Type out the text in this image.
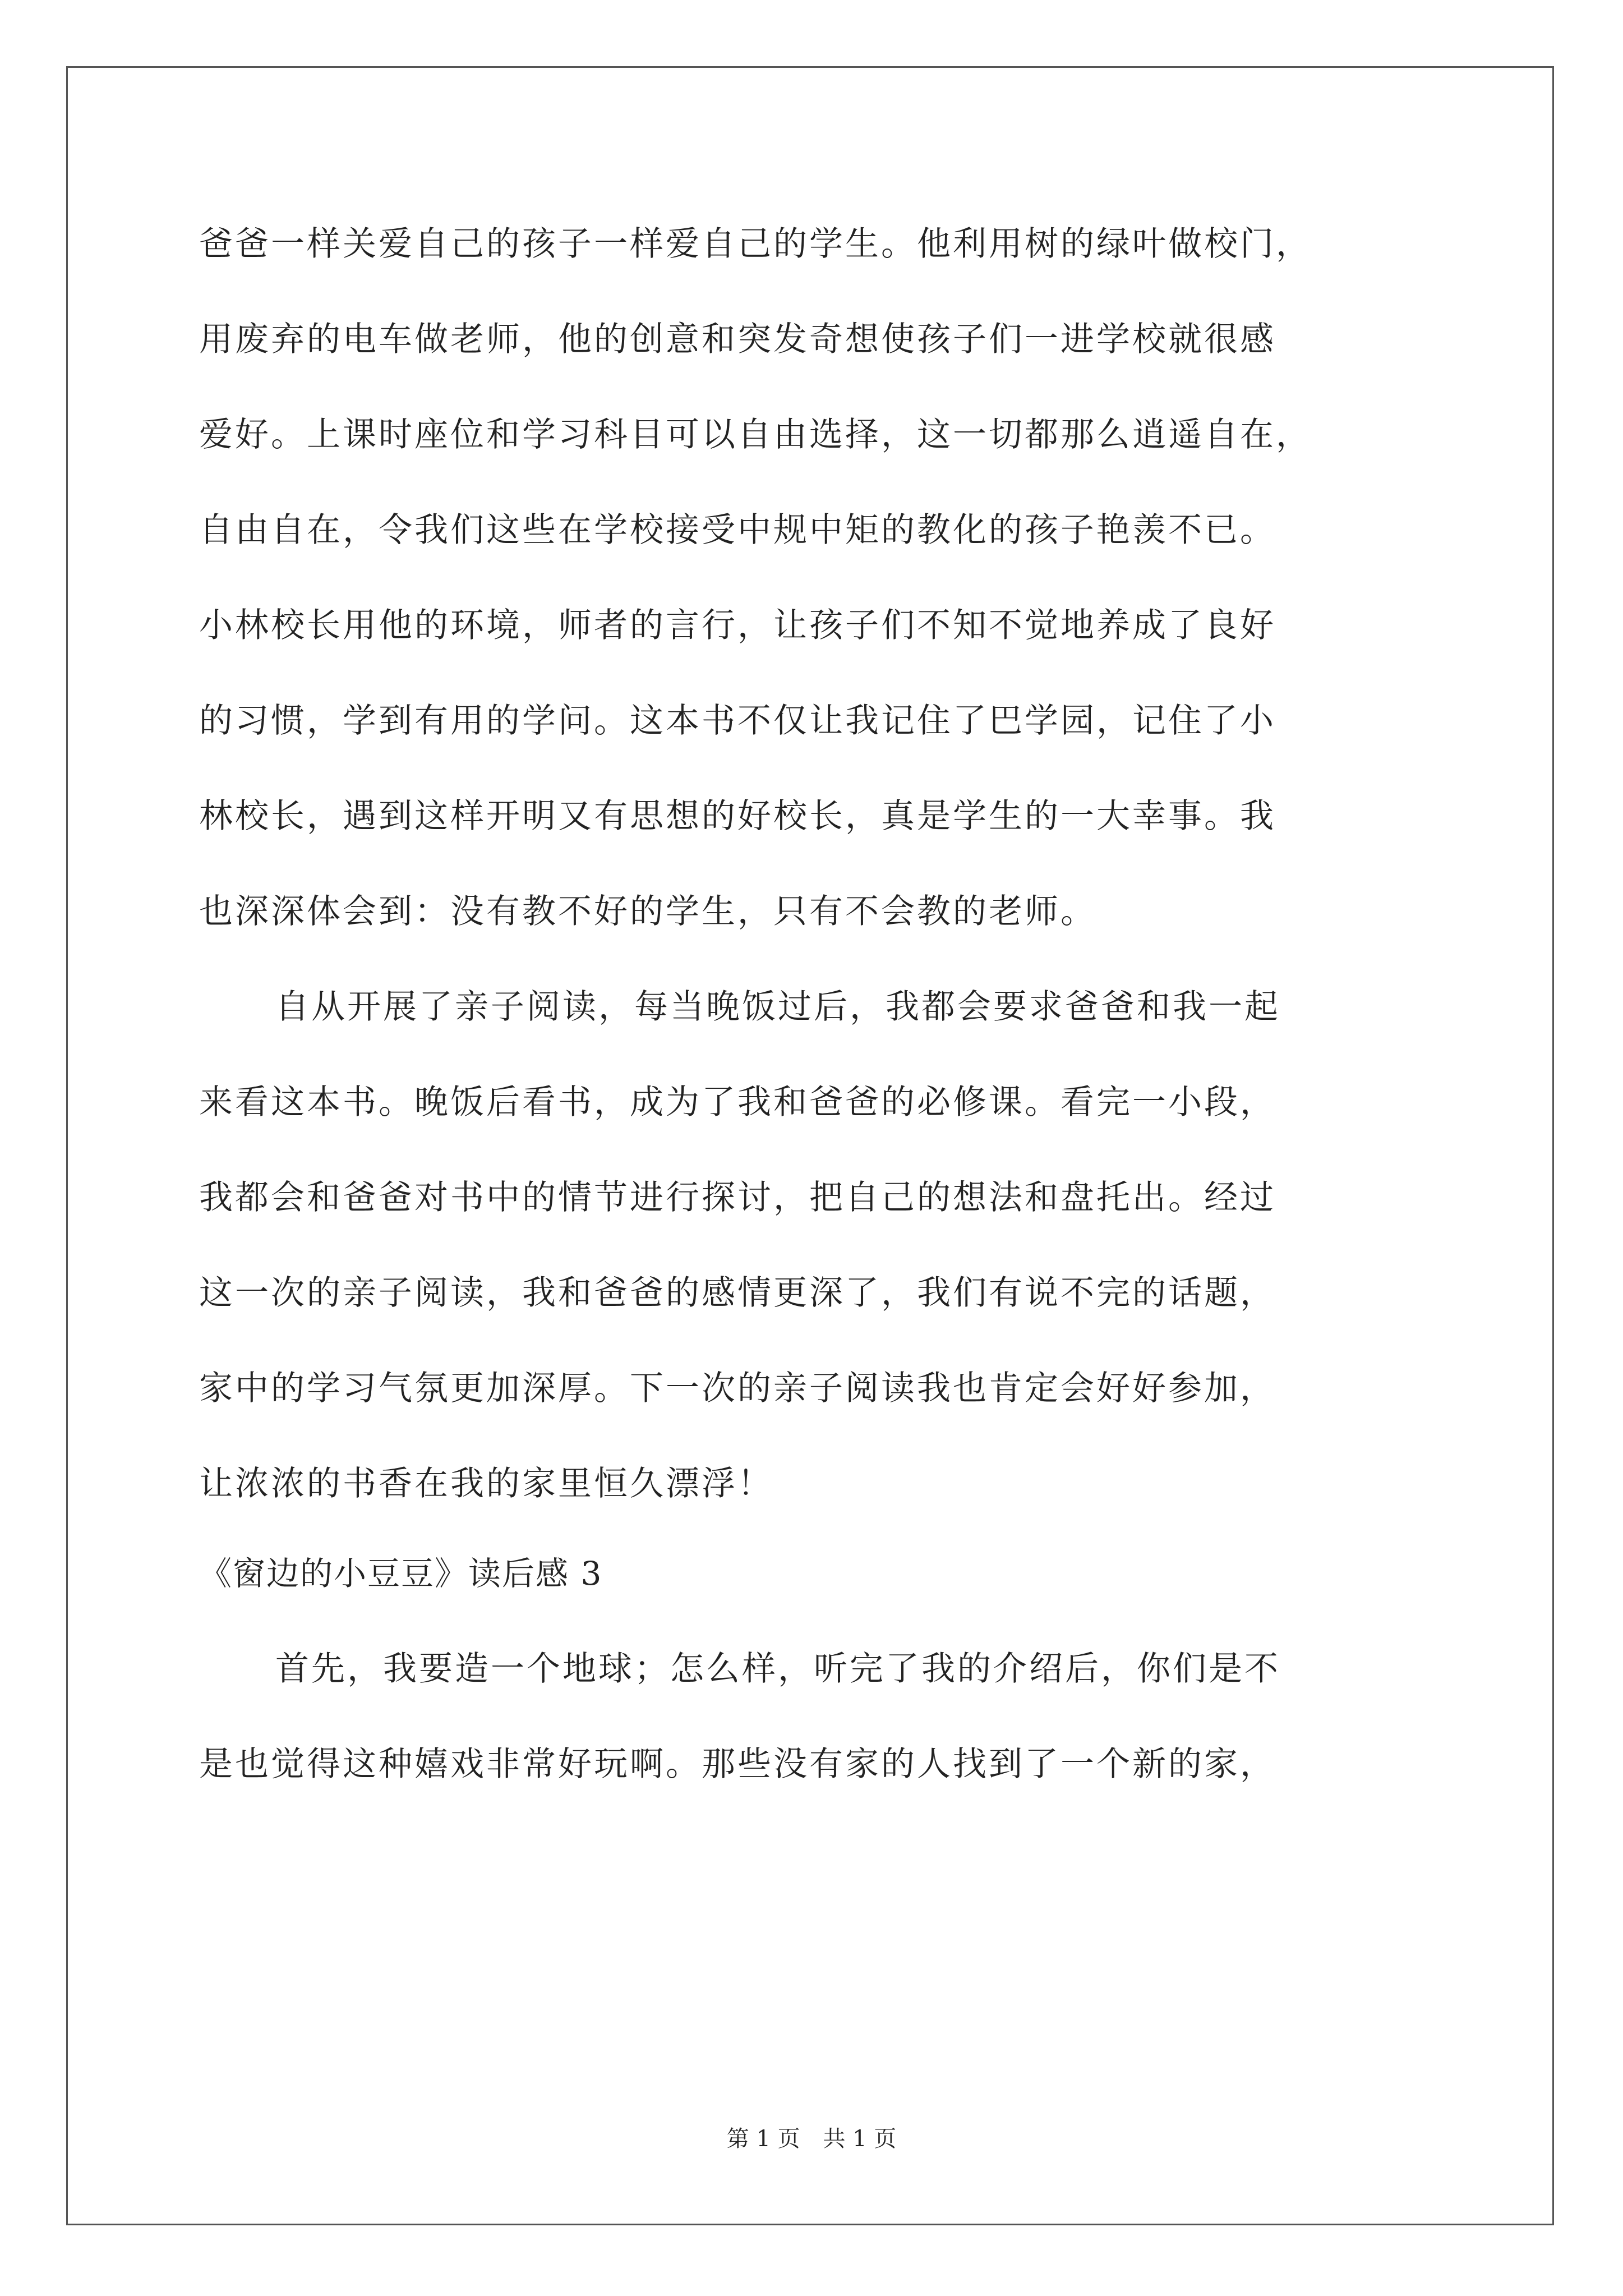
爸爸一样关爱自己的孩子一样爱自己的学生。他利用树的绿叶做校门，
用废弃的电车做老师，他的创意和突发奇想使孩子们一进学校就很感
爱好。上课时座位和学习科目可以自由选择，这一切都那么逍遥自在，
自由自在，令我们这些在学校接受中规中矩的教化的孩子艳羡不已。
小林校长用他的环境，师者的言行，让孩子们不知不觉地养成了良好
的习惯，学到有用的学问。这本书不仅让我记住了巴学园，记住了小
林校长，遇到这样开明又有思想的好校长，真是学生的一大幸事。我
也深深体会到：没有教不好的学生，只有不会教的老师。
自从开展了亲子阅读，每当晚饭过后，我都会要求爸爸和我一起
来看这本书。晚饭后看书，成为了我和爸爸的必修课。看完一小段，
我都会和爸爸对书中的情节进行探讨，把自己的想法和盘托出。经过
这一次的亲子阅读，我和爸爸的感情更深了，我们有说不完的话题，
家中的学习气氛更加深厚。下一次的亲子阅读我也肯定会好好参加，
让浓浓的书香在我的家里恒久漂浮！
《窗边的小豆豆》读后感 3
首先，我要造一个地球；怎么样，听完了我的介绍后，你们是不
是也觉得这种嬉戏非常好玩啊。那些没有家的人找到了一个新的家，
第 1 页 共 1 页
